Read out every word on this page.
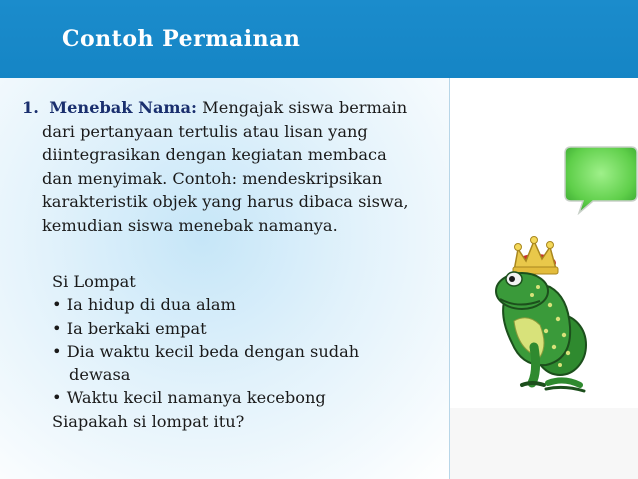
Contoh Permainan
1. Menebak Nama: Mengajak siswa bermain
dari pertanyaan tertulis atau lisan yang
diintegrasikan dengan kegiatan membaca
dan menyimak. Contoh: mendeskripsikan
karakteristik objek yang harus dibaca siswa,
kemudian siswa menebak namanya.
Si Lompat
• Ia hidup di dua alam
• Ia berkaki empat
• Dia waktu kecil beda dengan sudah
dewasa
• Waktu kecil namanya kecebong
Siapakah si lompat itu?
